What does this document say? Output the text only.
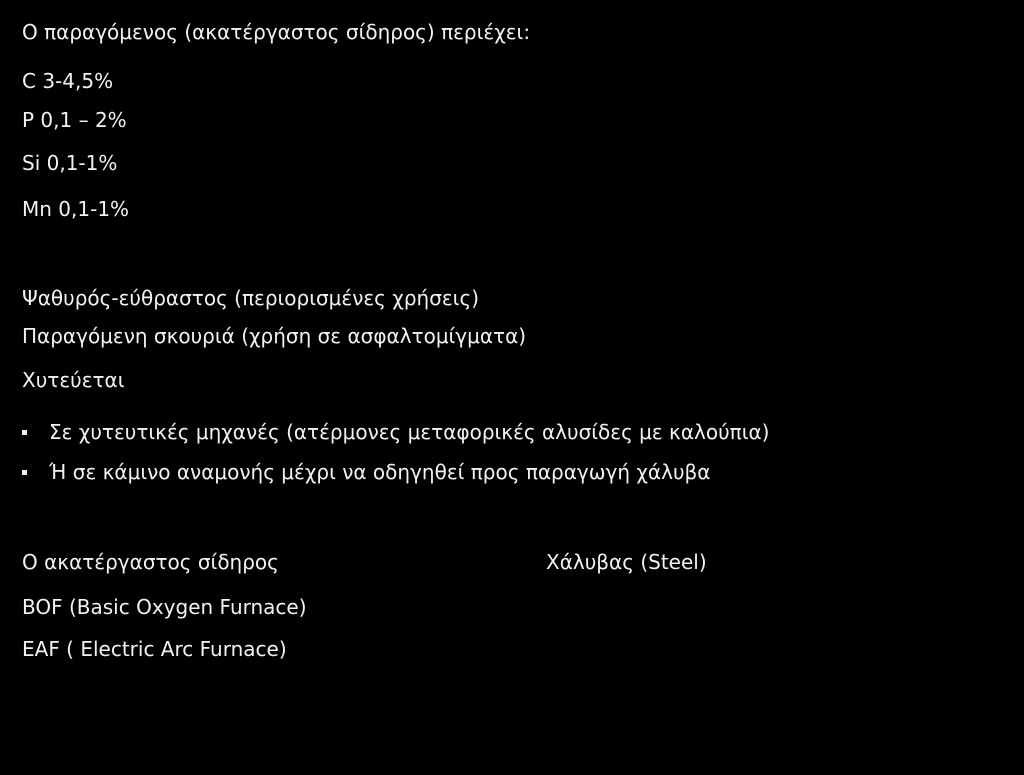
Ο παραγόμενος (ακατέργαστος σίδηρος) περιέχει:
C 3-4,5%
P 0,1 – 2%
Si 0,1-1%
Mn 0,1-1%
Ψαθυρός-εύθραστος (περιορισμένες χρήσεις)
Παραγόμενη σκουριά (χρήση σε ασφαλτομίγματα)
Χυτεύεται
Σε χυτευτικές μηχανές (ατέρμονες μεταφορικές αλυσίδες με καλούπια)
Ή σε κάμινο αναμονής μέχρι να οδηγηθεί προς παραγωγή χάλυβα
Ο ακατέργαστος σίδηρος	Χάλυβας (Steel)
BOF (Basic Oxygen Furnace)
EAF ( Electric Arc Furnace)
